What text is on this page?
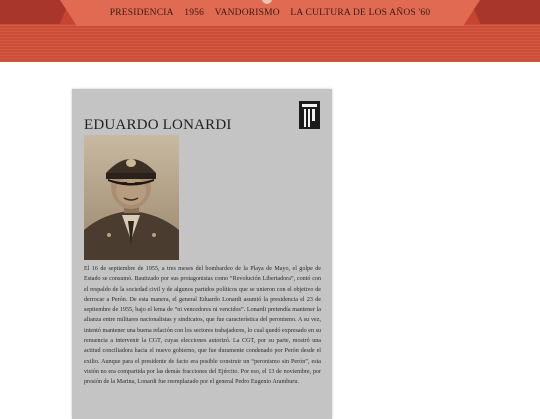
PRESIDENCIA 1956 VANDORISMO LA CULTURA DE LOS AÑOS '60
EDUARDO LONARDI

El 16 de septiembre de 1955, a tres meses del bombardeo de la Playa de Mayo, el golpe de Estado se consumó. Bautizado por sus protagonistas como “Revolución Libertadora”, contó con el respaldo de la sociedad civil y de algunos partidos políticos que se unieron con el objetivo de derrocar a Perón. De esta manera, el general Eduardo Lonardi asumió la presidencia el 23 de septiembre de 1955, bajo el lema de “ni vencedores ni vencidos”. Lonardi pretendía mantener la alianza entre militares nacionalistas y sindicatos, que fue característica del peronismo. A su vez, intentó mantener una buena relación con los sectores trabajadores, lo cual quedó expresado en su renuencia a intervenir la CGT, cuyas elecciones autorizó. La CGT, por su parte, mostró una actitud conciliadora hacia el nuevo gobierno, que fue duramente condenado por Perón desde el exilio. Aunque para el presidente de facto era posible construir un “peronismo sin Perón”, esta visión no era compartida por las demás fracciones del Ejército. Por eso, el 13 de noviembre, por presión de la Marina, Lonardi fue reemplazado por el general Pedro Eugenio Aramburu.
